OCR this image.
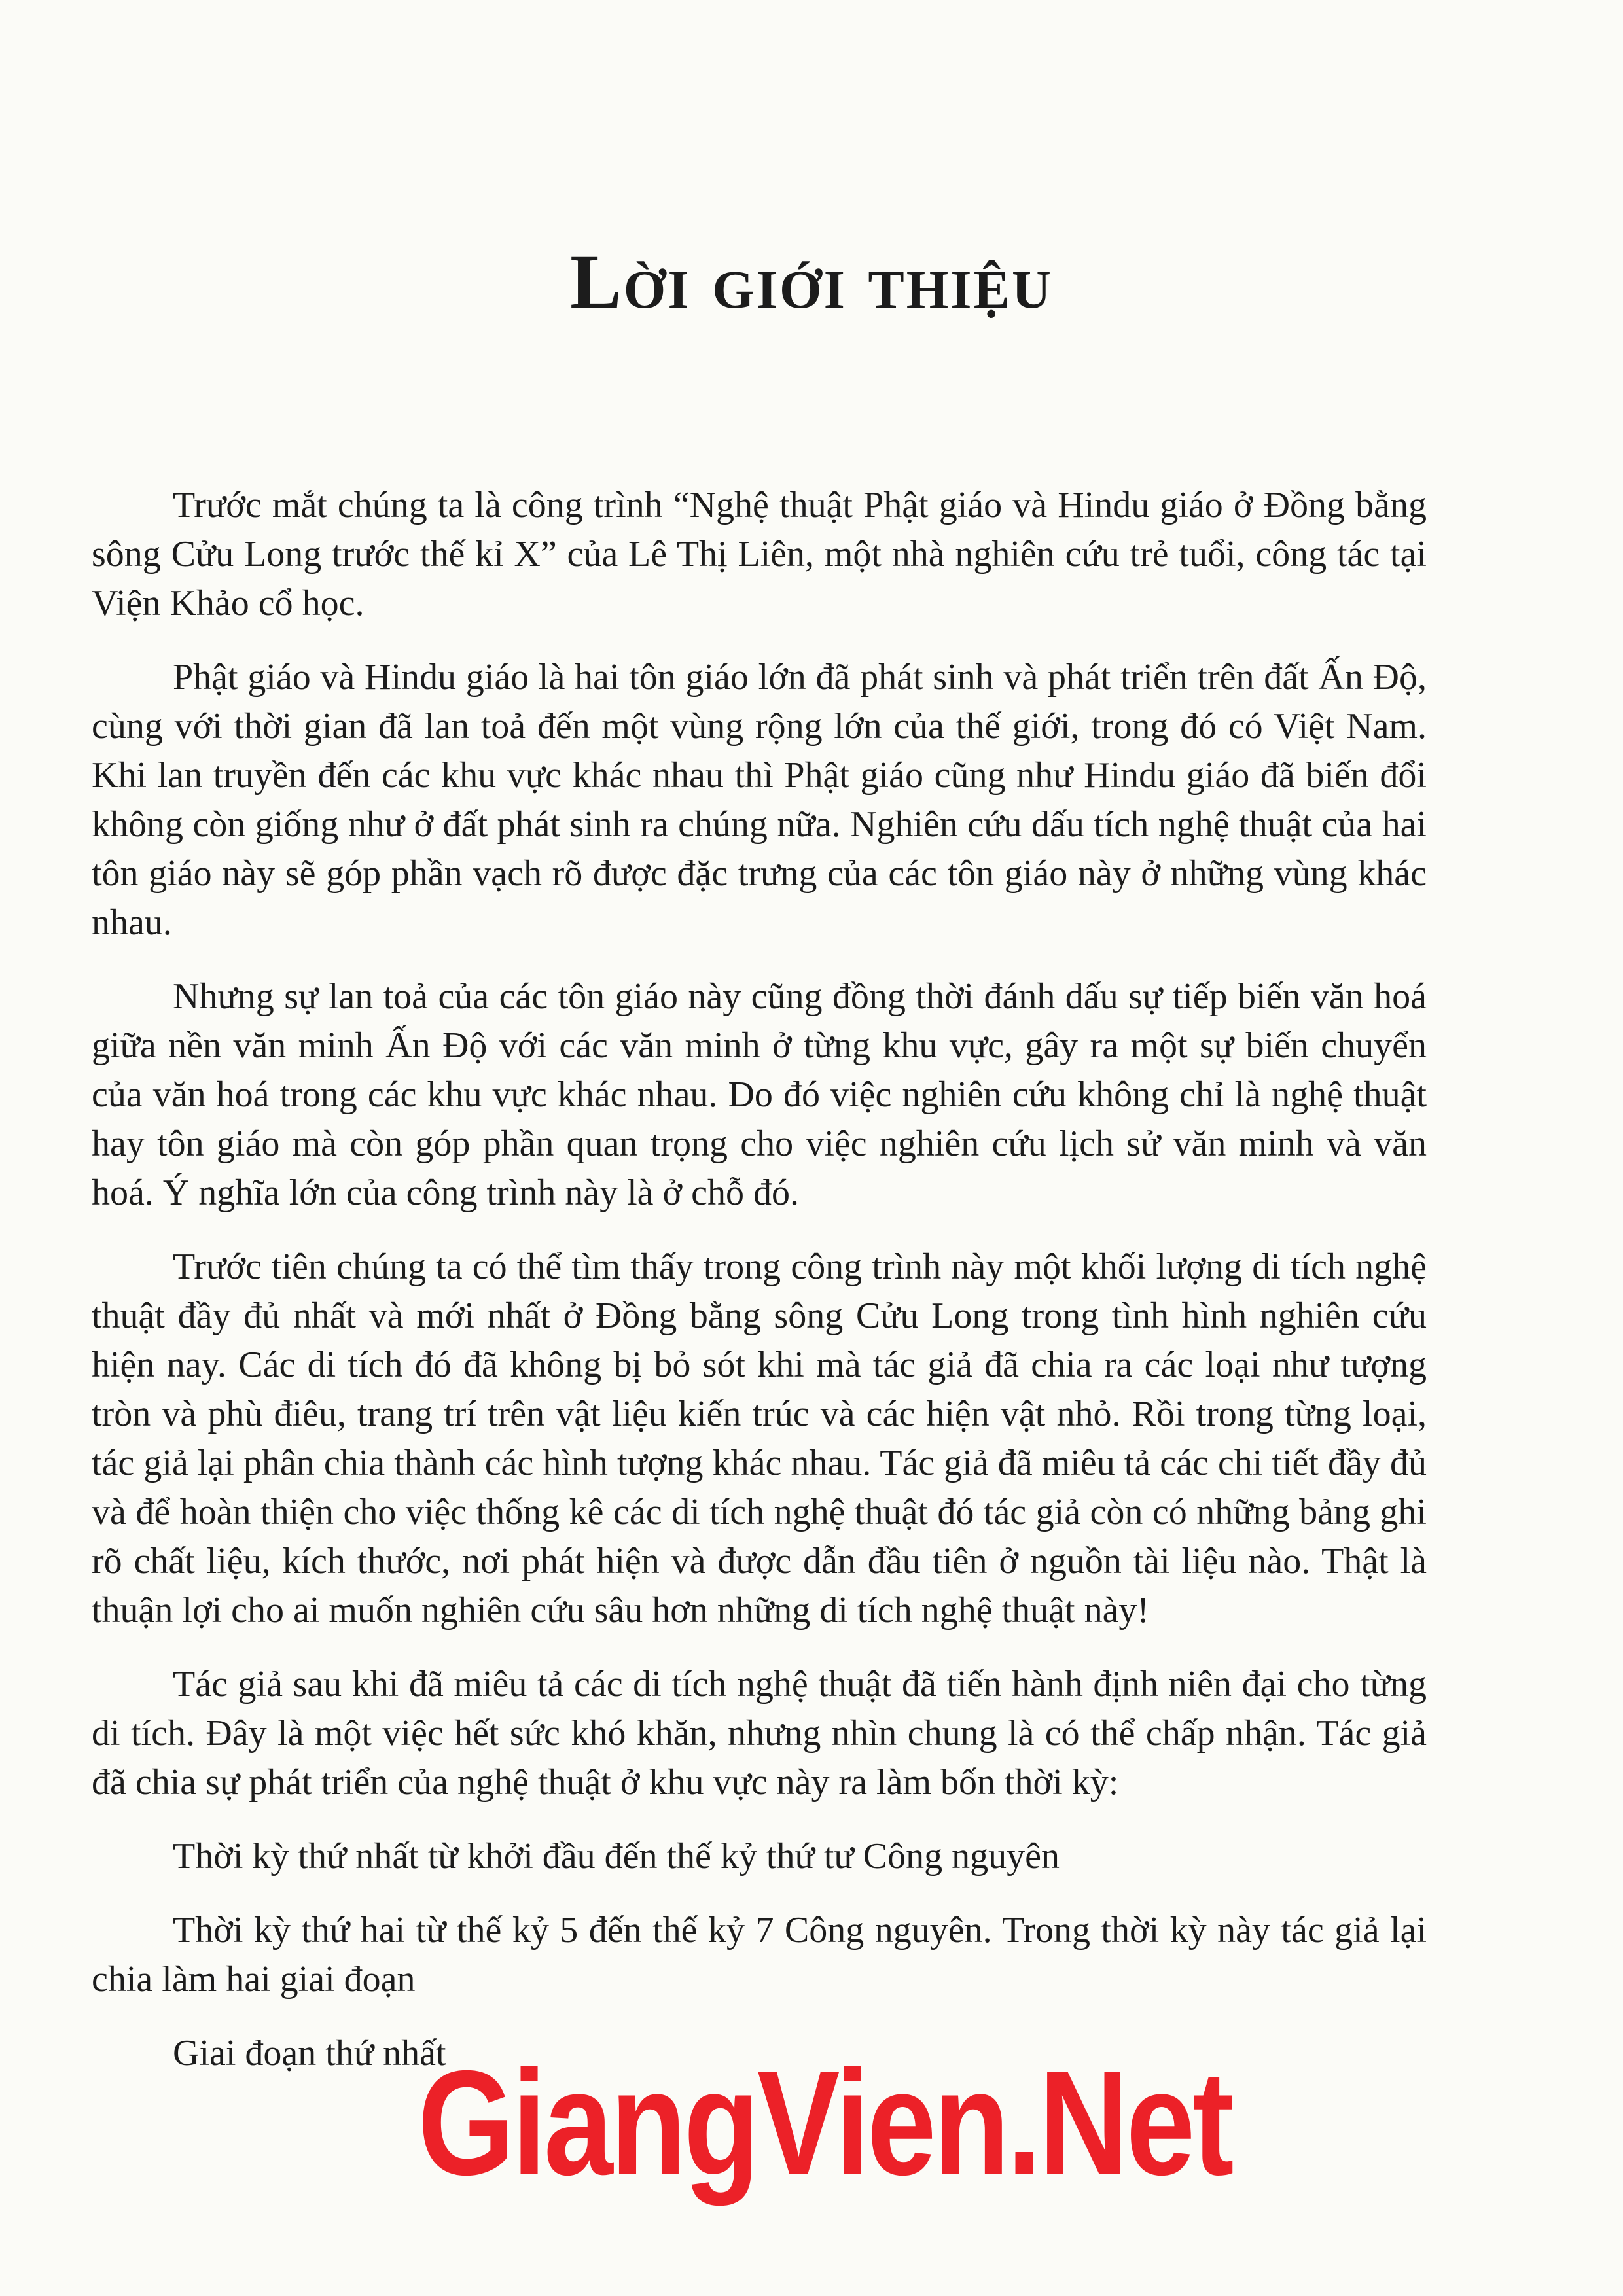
Lời giới thiệu

Trước mắt chúng ta là công trình “Nghệ thuật Phật giáo và Hindu giáo ở Đồng bằng sông Cửu Long trước thế kỉ X” của Lê Thị Liên, một nhà nghiên cứu trẻ tuổi, công tác tại Viện Khảo cổ học.

Phật giáo và Hindu giáo là hai tôn giáo lớn đã phát sinh và phát triển trên đất Ấn Độ, cùng với thời gian đã lan toả đến một vùng rộng lớn của thế giới, trong đó có Việt Nam. Khi lan truyền đến các khu vực khác nhau thì Phật giáo cũng như Hindu giáo đã biến đổi không còn giống như ở đất phát sinh ra chúng nữa. Nghiên cứu dấu tích nghệ thuật của hai tôn giáo này sẽ góp phần vạch rõ được đặc trưng của các tôn giáo này ở những vùng khác nhau.

Nhưng sự lan toả của các tôn giáo này cũng đồng thời đánh dấu sự tiếp biến văn hoá giữa nền văn minh Ấn Độ với các văn minh ở từng khu vực, gây ra một sự biến chuyển của văn hoá trong các khu vực khác nhau. Do đó việc nghiên cứu không chỉ là nghệ thuật hay tôn giáo mà còn góp phần quan trọng cho việc nghiên cứu lịch sử văn minh và văn hoá. Ý nghĩa lớn của công trình này là ở chỗ đó.

Trước tiên chúng ta có thể tìm thấy trong công trình này một khối lượng di tích nghệ thuật đầy đủ nhất và mới nhất ở Đồng bằng sông Cửu Long trong tình hình nghiên cứu hiện nay. Các di tích đó đã không bị bỏ sót khi mà tác giả đã chia ra các loại như tượng tròn và phù điêu, trang trí trên vật liệu kiến trúc và các hiện vật nhỏ. Rồi trong từng loại, tác giả lại phân chia thành các hình tượng khác nhau. Tác giả đã miêu tả các chi tiết đầy đủ và để hoàn thiện cho việc thống kê các di tích nghệ thuật đó tác giả còn có những bảng ghi rõ chất liệu, kích thước, nơi phát hiện và được dẫn đầu tiên ở nguồn tài liệu nào. Thật là thuận lợi cho ai muốn nghiên cứu sâu hơn những di tích nghệ thuật này!

Tác giả sau khi đã miêu tả các di tích nghệ thuật đã tiến hành định niên đại cho từng di tích. Đây là một việc hết sức khó khăn, nhưng nhìn chung là có thể chấp nhận. Tác giả đã chia sự phát triển của nghệ thuật ở khu vực này ra làm bốn thời kỳ:

Thời kỳ thứ nhất từ khởi đầu đến thế kỷ thứ tư Công nguyên

Thời kỳ thứ hai từ thế kỷ 5 đến thế kỷ 7 Công nguyên. Trong thời kỳ này tác giả lại chia làm hai giai đoạn

Giai đoạn thứ nhất

GiangVien.Net
